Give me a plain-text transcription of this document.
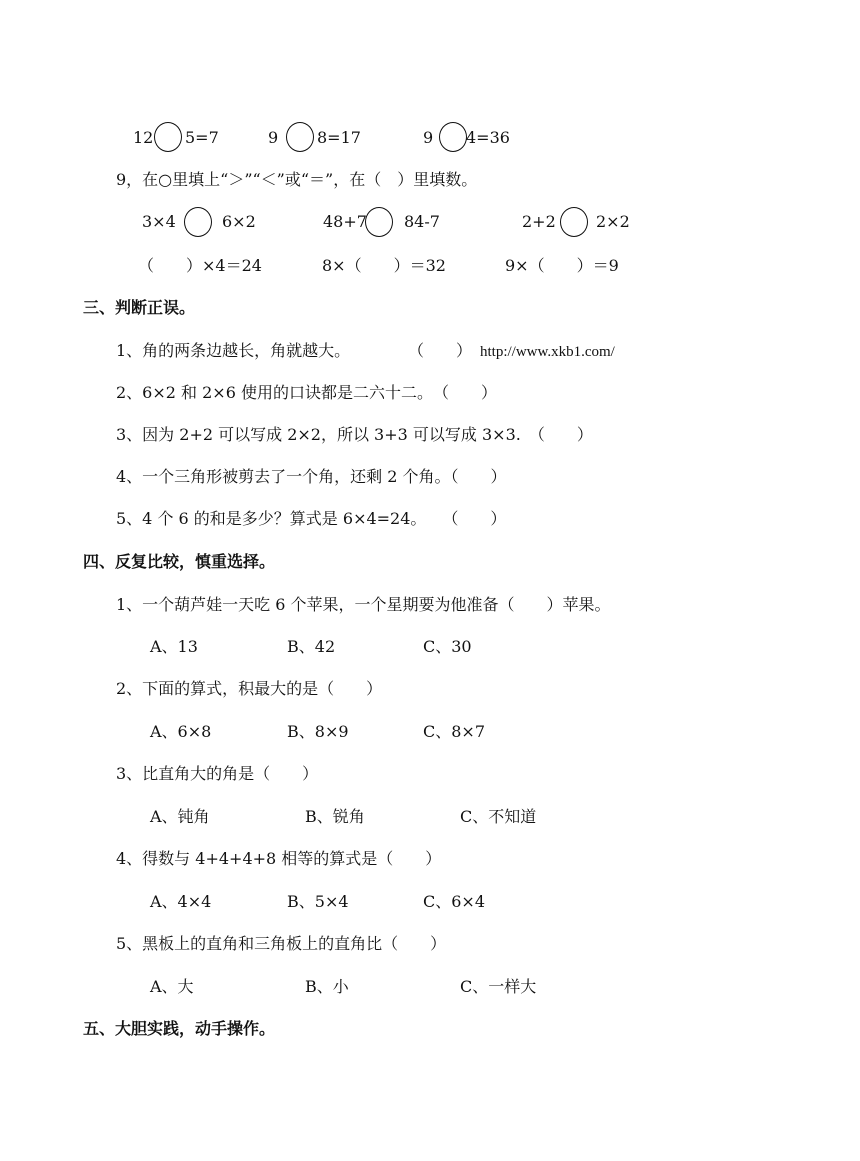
12 5=7	9 8=17	9 4=36
9，在○里填上“＞”“＜”或“＝”，在（　）里填数。
3×4	6×2	48+7 84-7	2+2	2×2
（　　）×4＝24	8×（　　）＝32	9×（　　）＝9
三、判断正误。
1、角的两条边越长，角就越大。	（　　） http://www.xkb1.com/
2、6×2 和 2×6 使用的口诀都是二六十二。　（　　）
3、因为 2+2 可以写成 2×2，所以 3+3 可以写成 3×3.　（　　）
4、一个三角形被剪去了一个角，还剩 2 个角。（　　）
5、4 个 6 的和是多少？算式是 6×4=24。　　（　　）
四、反复比较，慎重选择。
1、一个葫芦娃一天吃 6 个苹果，一个星期要为他准备（　　）苹果。
A、13	B、42	C、30
2、下面的算式，积最大的是（　　）
A、6×8	B、8×9	C、8×7
3、比直角大的角是（　　）
A、钝角	B、锐角	C、不知道
4、得数与 4+4+4+8 相等的算式是（　　）
A、4×4	B、5×4	C、6×4
5、黑板上的直角和三角板上的直角比（　　）
A、大	B、小	C、一样大
五、大胆实践，动手操作。
